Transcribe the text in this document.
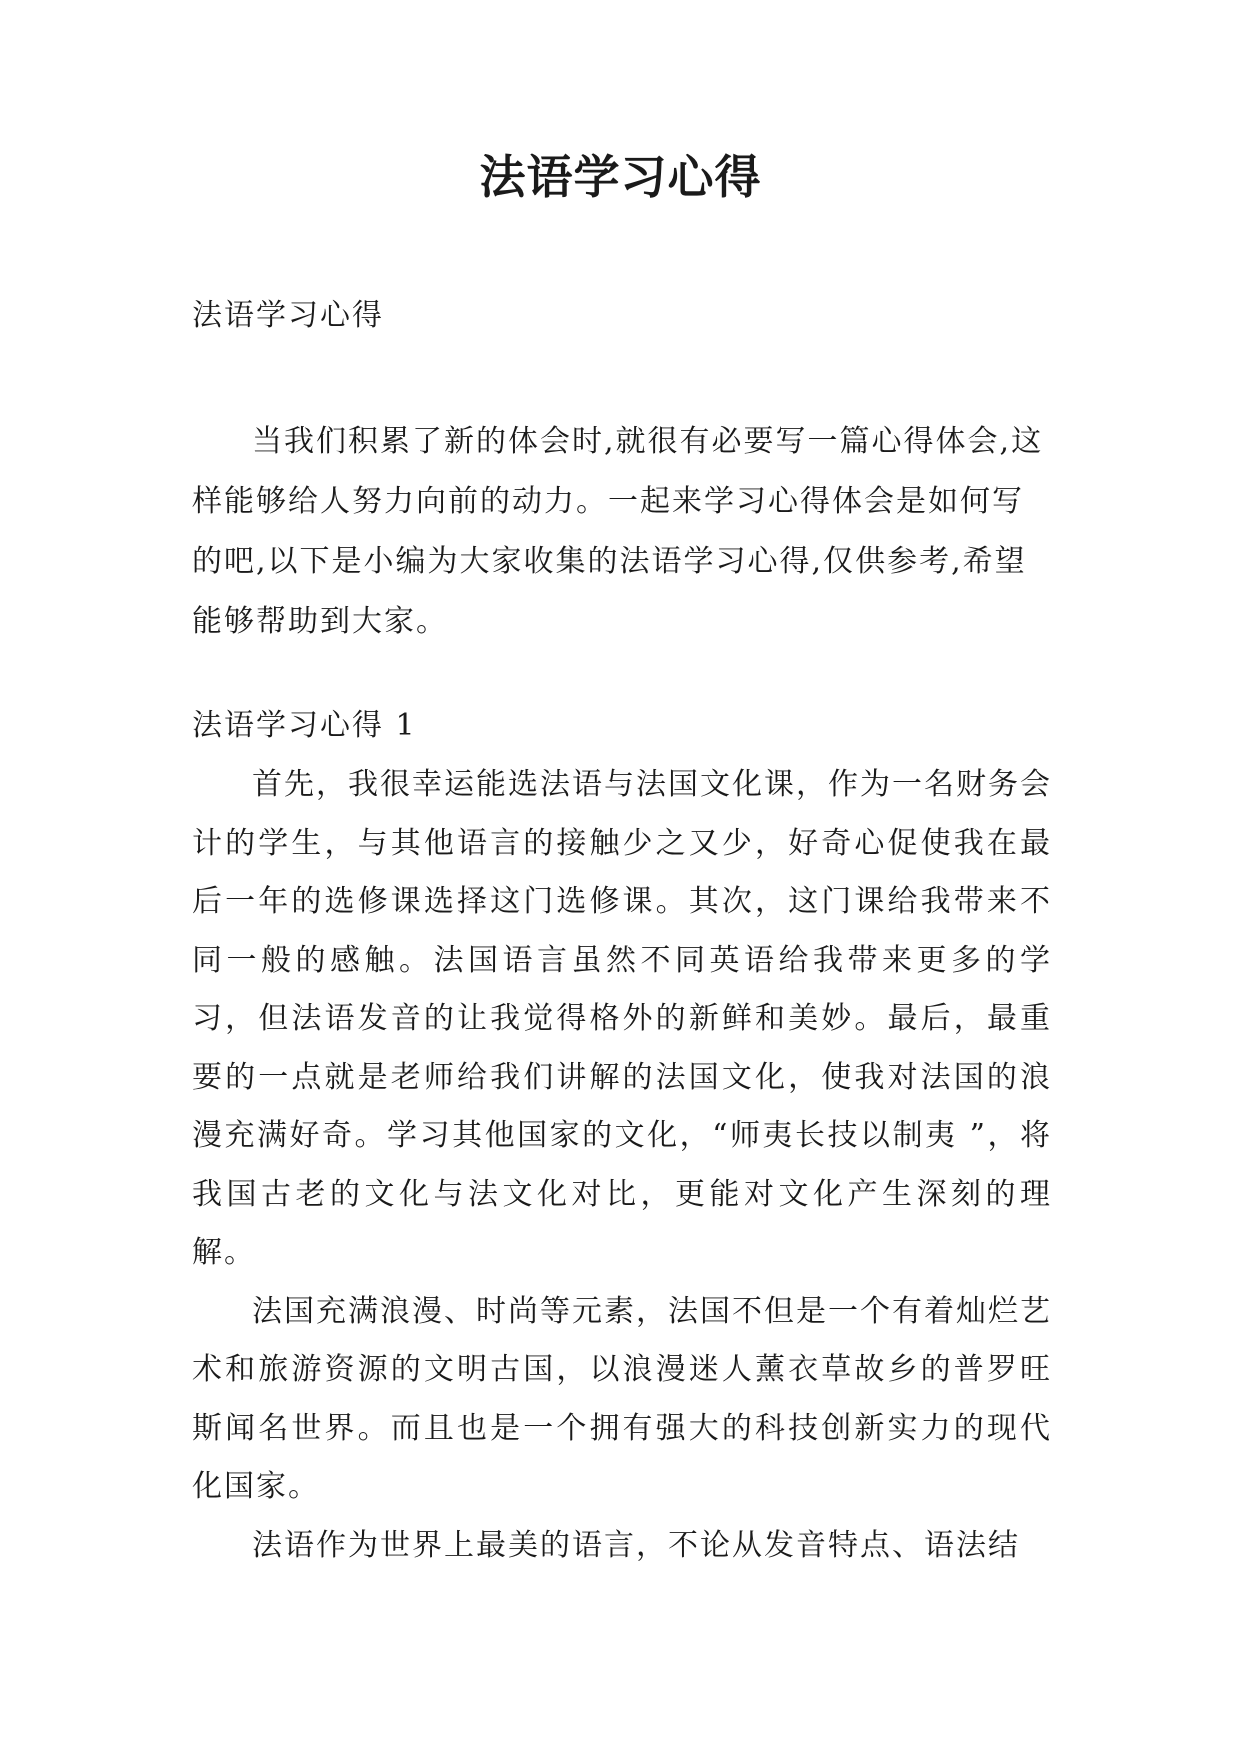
法语学习心得
法语学习心得
当我们积累了新的体会时,就很有必要写一篇心得体会,这样能够给人努力向前的动力。一起来学习心得体会是如何写的吧,以下是小编为大家收集的法语学习心得,仅供参考,希望能够帮助到大家。
法语学习心得 1

首先，我很幸运能选法语与法国文化课，作为一名财务会计的学生，与其他语言的接触少之又少，好奇心促使我在最后一年的选修课选择这门选修课。其次，这门课给我带来不同一般的感触。法国语言虽然不同英语给我带来更多的学习，但法语发音的让我觉得格外的新鲜和美妙。最后，最重要的一点就是老师给我们讲解的法国文化，使我对法国的浪漫充满好奇。学习其他国家的文化，“师夷长技以制夷 ”，将我国古老的文化与法文化对比，更能对文化产生深刻的理解。

法国充满浪漫、时尚等元素，法国不但是一个有着灿烂艺术和旅游资源的文明古国，以浪漫迷人薰衣草故乡的普罗旺斯闻名世界。而且也是一个拥有强大的科技创新实力的现代化国家。

法语作为世界上最美的语言，不论从发音特点、语法结
